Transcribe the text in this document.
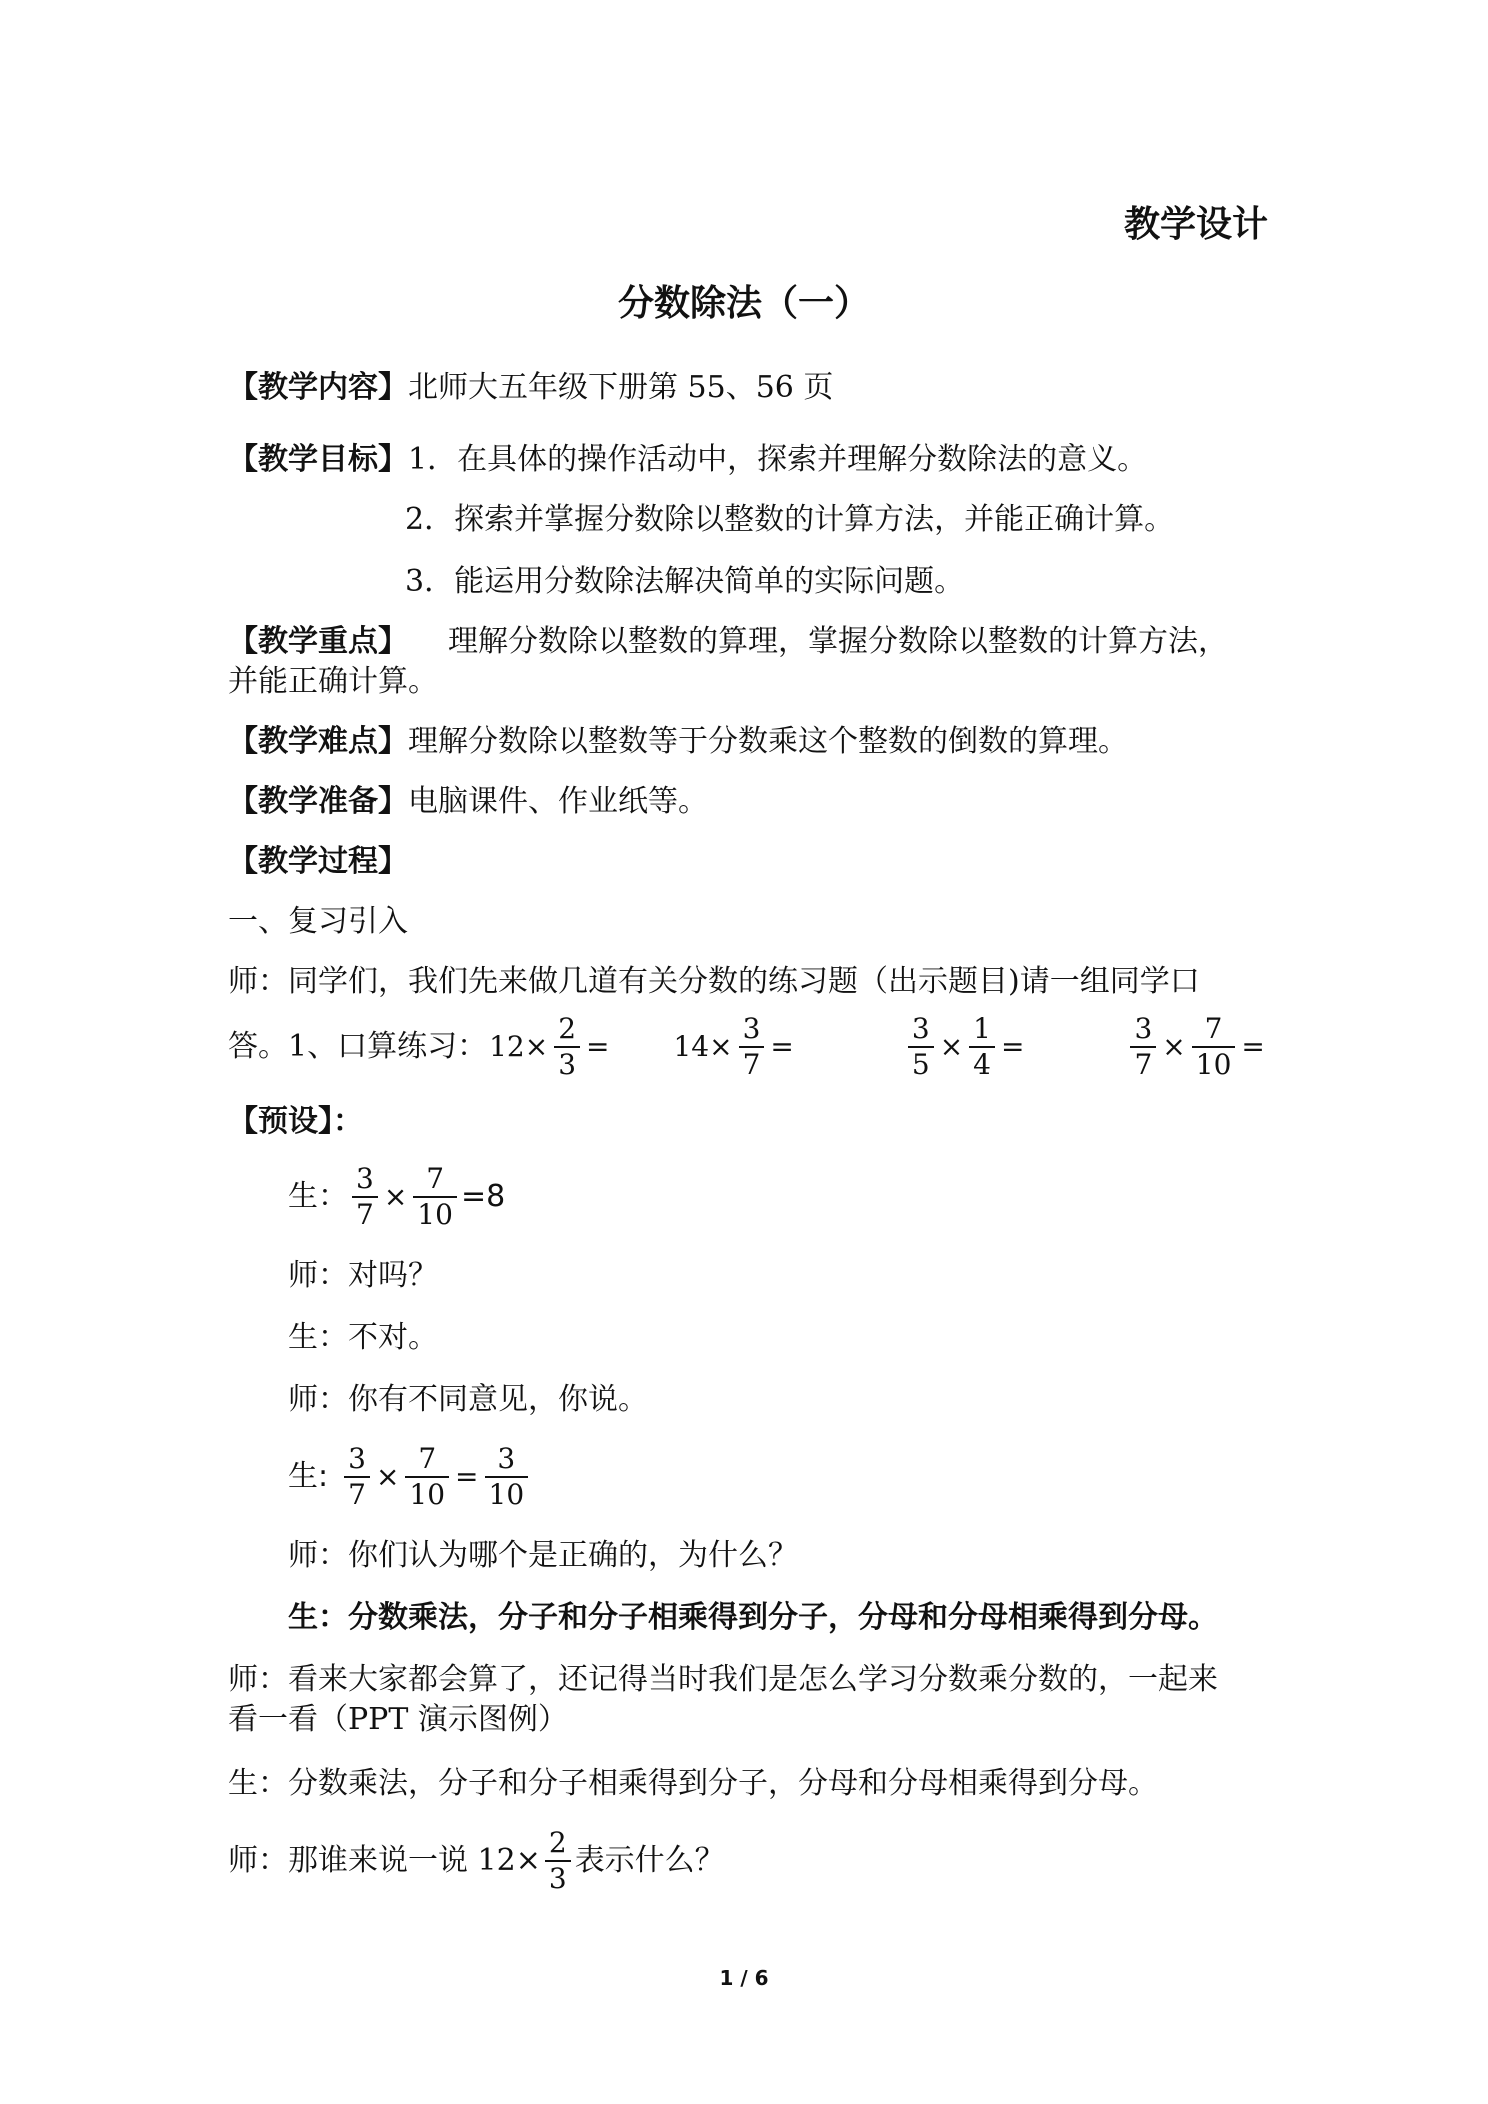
教学设计
分数除法（一）
【教学内容】北师大五年级下册第 55、56 页
【教学目标】1．在具体的操作活动中，探索并理解分数除法的意义。
2．探索并掌握分数除以整数的计算方法，并能正确计算。
3．能运用分数除法解决简单的实际问题。
【教学重点】 理解分数除以整数的算理，掌握分数除以整数的计算方法，
并能正确计算。
【教学难点】理解分数除以整数等于分数乘这个整数的倒数的算理。
【教学准备】电脑课件、作业纸等。
【教学过程】
一、复习引入
师：同学们，我们先来做几道有关分数的练习题（出示题目)请一组同学口
答。1、口算练习： $12\times \frac{2}{3} = 14\times \frac{3}{7}$ =	$\frac{3}{5} \times \frac{1}{4}$ =	$\frac{3}{7} \times \frac{7}{10}$ =
【预设】：
生： $\frac{3}{7} \times \frac{7}{10} =8$
师：对吗？
生：不对。
师：你有不同意见，你说。
生: $\frac{3}{7} \times \frac{7}{10} = \frac{3}{10}$
师：你们认为哪个是正确的，为什么？
生：分数乘法，分子和分子相乘得到分子，分母和分母相乘得到分母。
师：看来大家都会算了，还记得当时我们是怎么学习分数乘分数的，一起来
看一看（PPT 演示图例）
生：分数乘法，分子和分子相乘得到分子，分母和分母相乘得到分母。
师：那谁来说一说 $12\times \frac{2}{3}$ 表示什么？
1 / 6
